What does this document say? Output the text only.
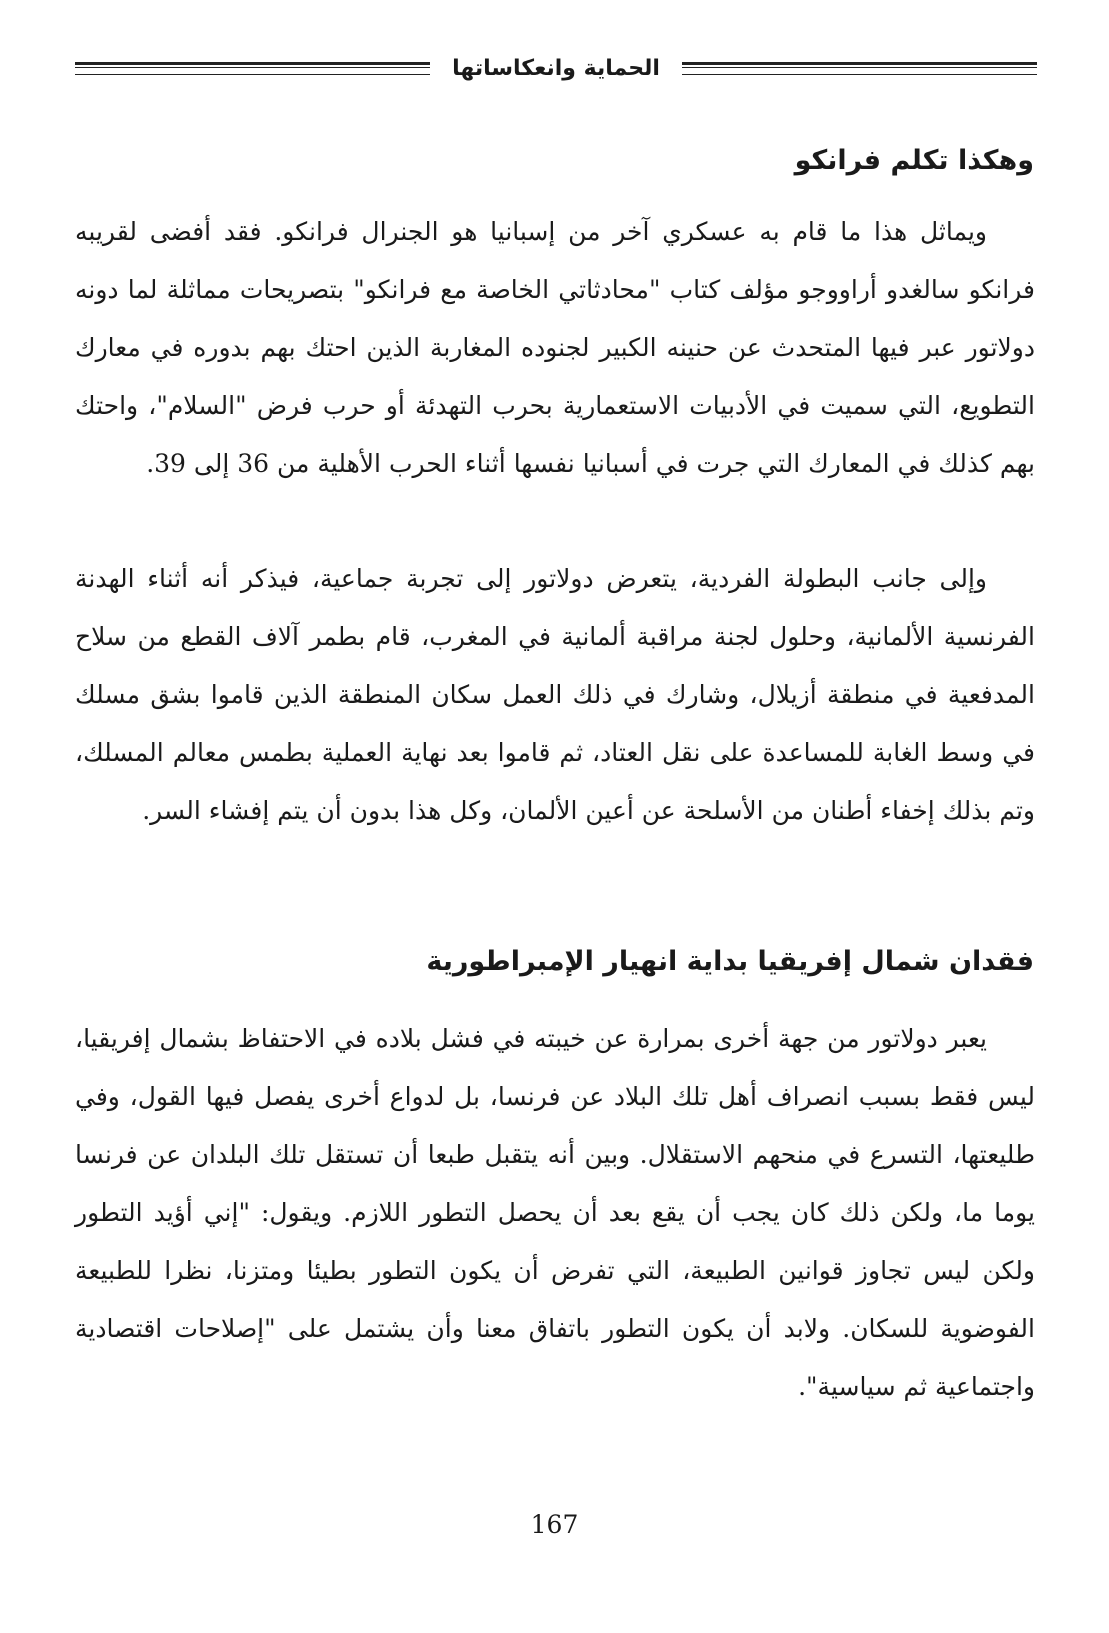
الحماية وانعكاساتها
وهكذا تكلم فرانكو

ويماثل هذا ما قام به عسكري آخر من إسبانيا هو الجنرال فرانكو. فقد أفضى لقريبه فرانكو سالغدو أراووجو مؤلف كتاب "محادثاتي الخاصة مع فرانكو" بتصريحات مماثلة لما دونه دولاتور عبر فيها المتحدث عن حنينه الكبير لجنوده المغاربة الذين احتك بهم بدوره في معارك التطويع، التي سميت في الأدبيات الاستعمارية بحرب التهدئة أو حرب فرض "السلام"، واحتك بهم كذلك في المعارك التي جرت في أسبانيا نفسها أثناء الحرب الأهلية من 36 إلى 39.

وإلى جانب البطولة الفردية، يتعرض دولاتور إلى تجربة جماعية، فيذكر أنه أثناء الهدنة الفرنسية الألمانية، وحلول لجنة مراقبة ألمانية في المغرب، قام بطمر آلاف القطع من سلاح المدفعية في منطقة أزيلال، وشارك في ذلك العمل سكان المنطقة الذين قاموا بشق مسلك في وسط الغابة للمساعدة على نقل العتاد، ثم قاموا بعد نهاية العملية بطمس معالم المسلك، وتم بذلك إخفاء أطنان من الأسلحة عن أعين الألمان، وكل هذا بدون أن يتم إفشاء السر.

فقدان شمال إفريقيا بداية انهيار الإمبراطورية

يعبر دولاتور من جهة أخرى بمرارة عن خيبته في فشل بلاده في الاحتفاظ بشمال إفريقيا، ليس فقط بسبب انصراف أهل تلك البلاد عن فرنسا، بل لدواع أخرى يفصل فيها القول، وفي طليعتها، التسرع في منحهم الاستقلال. وبين أنه يتقبل طبعا أن تستقل تلك البلدان عن فرنسا يوما ما، ولكن ذلك كان يجب أن يقع بعد أن يحصل التطور اللازم. ويقول: "إني أؤيد التطور ولكن ليس تجاوز قوانين الطبيعة، التي تفرض أن يكون التطور بطيئا ومتزنا، نظرا للطبيعة الفوضوية للسكان. ولابد أن يكون التطور باتفاق معنا وأن يشتمل على "إصلاحات اقتصادية واجتماعية ثم سياسية".

167
